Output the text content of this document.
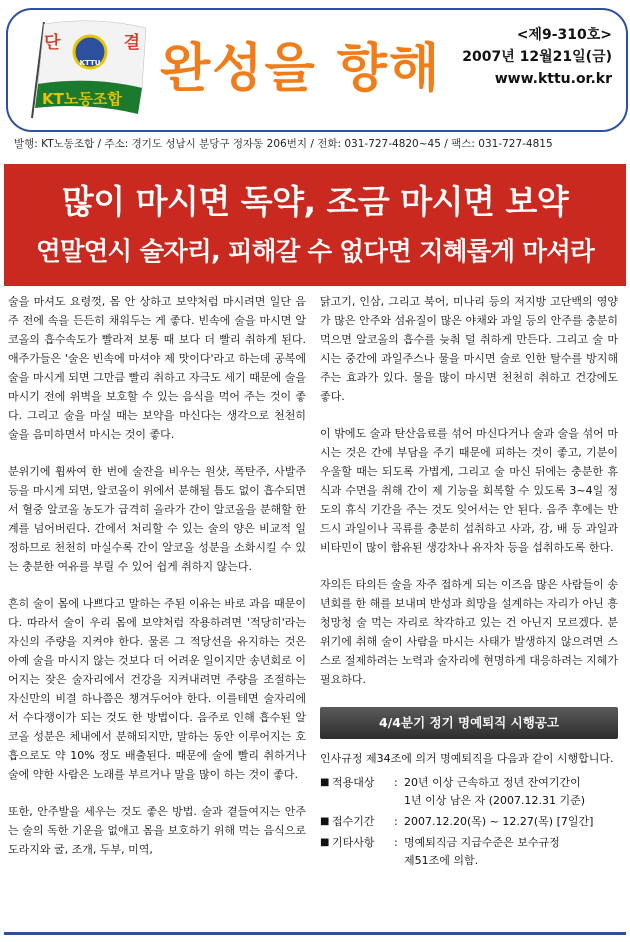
단 결
KTTU
KT노동조합 완성을 향해
<제9-310호>
2007년 12월21일(금)
www.kttu.or.kr
발행: KT노동조합 / 주소: 경기도 성남시 분당구 정자동 206번지 / 전화: 031-727-4820~45 / 팩스: 031-727-4815
많이 마시면 독약, 조금 마시면 보약
연말연시 술자리, 피해갈 수 없다면 지혜롭게 마셔라

술을 마셔도 요령껏, 몸 안 상하고 보약처럼 마시려면 일단 음주 전에 속을 든든히 채워두는 게 좋다. 빈속에 술을 마시면 알코올의 흡수속도가 빨라져 보통 때 보다 더 빨리 취하게 된다. 애주가들은 '술은 빈속에 마셔야 제 맛이다'라고 하는데 공복에 술을 마시게 되면 그만큼 빨리 취하고 자극도 세기 때문에 술을 마시기 전에 위벽을 보호할 수 있는 음식을 먹어 주는 것이 좋다. 그리고 술을 마실 때는 보약을 마신다는 생각으로 천천히 술을 음미하면서 마시는 것이 좋다.

분위기에 휩싸여 한 번에 술잔을 비우는 원샷, 폭탄주, 사발주 등을 마시게 되면, 알코올이 위에서 분해될 틈도 없이 흡수되면서 혈중 알코올 농도가 급격히 올라가 간이 알코올을 분해할 한계를 넘어버린다. 간에서 처리할 수 있는 술의 양은 비교적 일정하므로 천천히 마실수록 간이 알코올 성분을 소화시킬 수 있는 충분한 여유를 부릴 수 있어 쉽게 취하지 않는다.

흔히 술이 몸에 나쁘다고 말하는 주된 이유는 바로 과음 때문이다. 따라서 술이 우리 몸에 보약처럼 작용하려면 '적당히'라는 자신의 주량을 지켜야 한다. 물론 그 적당선을 유지하는 것은 아예 술을 마시지 않는 것보다 더 어려운 일이지만 송년회로 이어지는 잦은 술자리에서 건강을 지켜내려면 주량을 조절하는 자신만의 비결 하나쯤은 챙겨두어야 한다. 이를테면 술자리에서 수다쟁이가 되는 것도 한 방법이다. 음주로 인해 흡수된 알코올 성분은 체내에서 분해되지만, 말하는 동안 이루어지는 호흡으로도 약 10% 정도 배출된다. 때문에 술에 빨리 취하거나 술에 약한 사람은 노래를 부르거나 말을 많이 하는 것이 좋다.

또한, 안주발을 세우는 것도 좋은 방법. 술과 곁들여지는 안주는 술의 독한 기운을 없애고 몸을 보호하기 위해 먹는 음식으로 도라지와 굴, 조개, 두부, 미역,

닭고기, 인삼, 그리고 북어, 미나리 등의 저지방 고단백의 영양가 많은 안주와 섬유질이 많은 야채와 과일 등의 안주를 충분히 먹으면 알코올의 흡수를 늦춰 덜 취하게 만든다. 그리고 술 마시는 중간에 과일주스나 물을 마시면 술로 인한 탈수를 방지해 주는 효과가 있다. 물을 많이 마시면 천천히 취하고 건강에도 좋다.

이 밖에도 술과 탄산음료를 섞어 마신다거나 술과 술을 섞어 마시는 것은 간에 부담을 주기 때문에 피하는 것이 좋고, 기분이 우울할 때는 되도록 가볍게, 그리고 술 마신 뒤에는 충분한 휴식과 수면을 취해 간이 제 기능을 회복할 수 있도록 3~4일 정도의 휴식 기간을 주는 것도 잊어서는 안 된다. 음주 후에는 반드시 과일이나 곡류를 충분히 섭취하고 사과, 감, 배 등 과일과 비타민이 많이 함유된 생강차나 유자차 등을 섭취하도록 한다.

자의든 타의든 술을 자주 접하게 되는 이즈음 많은 사람들이 송년회를 한 해를 보내며 반성과 희망을 설계하는 자리가 아닌 흥청망청 술 먹는 자리로 착각하고 있는 건 아닌지 모르겠다. 분위기에 취해 술이 사람을 마시는 사태가 발생하지 않으려면 스스로 절제하려는 노력과 술자리에 현명하게 대응하려는 지혜가 필요하다.

4/4분기 정기 명예퇴직 시행공고
인사규정 제34조에 의거 명예퇴직을 다음과 같이 시행합니다.
■ 적용대상	: 20년 이상 근속하고 정년 잔여기간이
1년 이상 남은 자 (2007.12.31 기준)
■ 접수기간	: 2007.12.20(목) ~ 12.27(목) [7일간]
■ 기타사항	: 명예퇴직금 지급수준은 보수규정
제51조에 의함.
